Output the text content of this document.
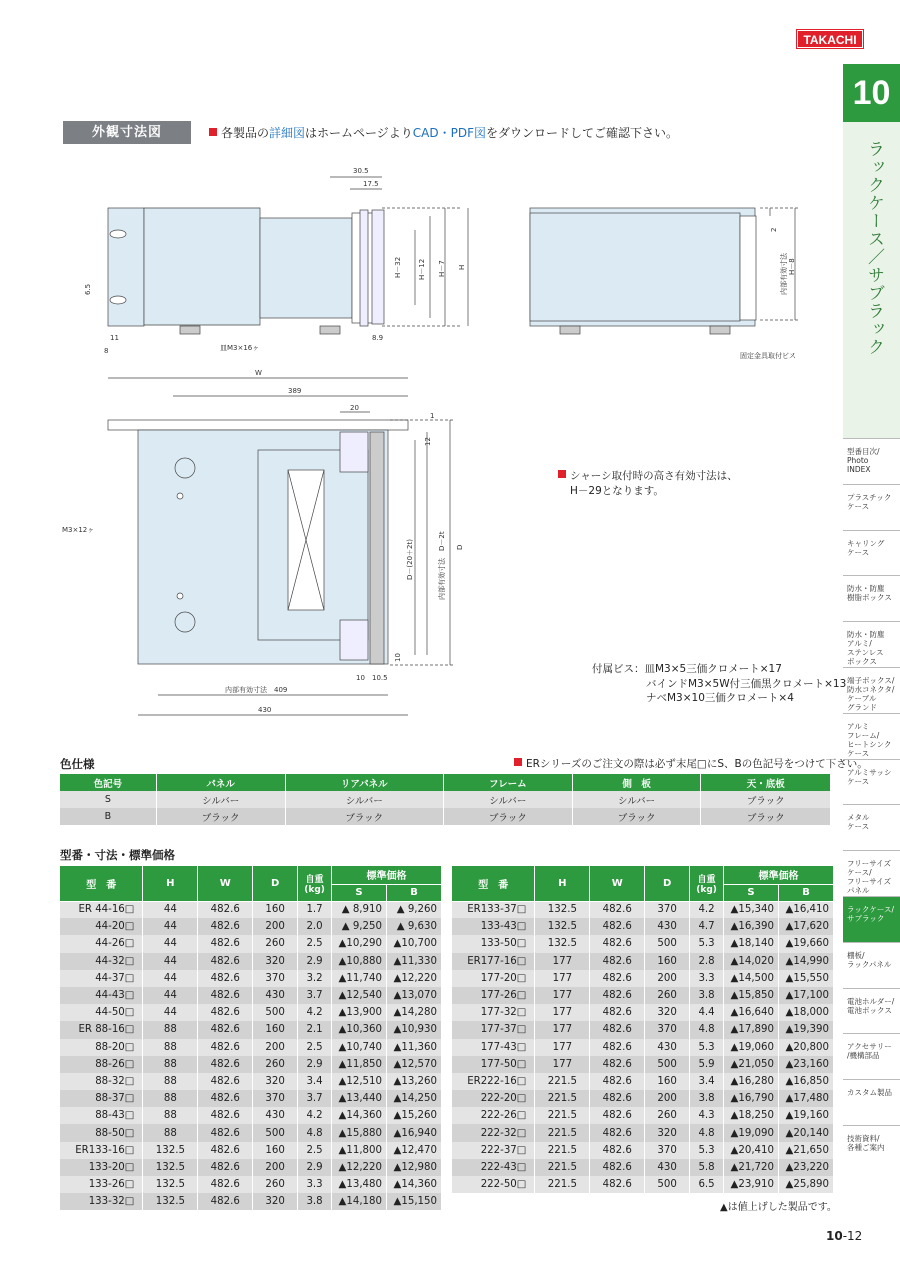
TAKACHI
10
ラックケース／サブラック
型番目次/
Photo
INDEX
プラスチック
ケース
キャリング
ケース
防水・防塵
樹脂ボックス
防水・防塵
アルミ/
ステンレス
ボックス
端子ボックス/
防水コネクタ/
ケーブル
グランド
アルミ
フレーム/
ヒートシンク
ケース
アルミサッシ
ケース
メタル
ケース
フリーサイズ
ケース/
フリーサイズ
パネル
ラックケース/
サブラック
棚板/
ラックパネル
電池ホルダー/
電池ボックス
アクセサリー
/機構部品
カスタム製品
技術資料/
各種ご案内
外観寸法図	各製品の詳細図はホームページよりCAD・PDF図をダウンロードしてご確認下さい。
30.5
17.5
6.5
11
8
8.9
H－32 H－12 H－7 H
皿M3×16ヶ
2
内部有効寸法 H－8
固定金具取付ビス
W
389
20
1
12
M3×12ヶ
D－(20＋2t)	内部有効寸法　D－2t D
10
10 10.5
内部有効寸法　409
430
シャーシ取付時の高さ有効寸法は、
H－29となります。
付属ビス：皿M3×5三価クロメート×17
バインドM3×5W付三価黒クロメート×13
ナベM3×10三価クロメート×4
色仕様	ERシリーズのご注文の際は必ず末尾□にS、Bの色記号をつけて下さい。
色記号	パネル	リアパネル	フレーム	側　板	天・底板
S	シルバー	シルバー	シルバー	シルバー	ブラック
B	ブラック	ブラック	ブラック	ブラック	ブラック
型番・寸法・標準価格
型　番	H	W	D	自重
(kg)	標準価格	
					S	B
ER 44-16□	44	482.6	160	1.7	▲ 8,910	▲ 9,260
44-20□	44	482.6	200	2.0	▲ 9,250	▲ 9,630
44-26□	44	482.6	260	2.5	▲10,290	▲10,700
44-32□	44	482.6	320	2.9	▲10,880	▲11,330
44-37□	44	482.6	370	3.2	▲11,740	▲12,220
44-43□	44	482.6	430	3.7	▲12,540	▲13,070
44-50□	44	482.6	500	4.2	▲13,900	▲14,280
ER 88-16□	88	482.6	160	2.1	▲10,360	▲10,930
88-20□	88	482.6	200	2.5	▲10,740	▲11,360
88-26□	88	482.6	260	2.9	▲11,850	▲12,570
88-32□	88	482.6	320	3.4	▲12,510	▲13,260
88-37□	88	482.6	370	3.7	▲13,440	▲14,250
88-43□	88	482.6	430	4.2	▲14,360	▲15,260
88-50□	88	482.6	500	4.8	▲15,880	▲16,940
ER133-16□	132.5	482.6	160	2.5	▲11,800	▲12,470
133-20□	132.5	482.6	200	2.9	▲12,220	▲12,980
133-26□	132.5	482.6	260	3.3	▲13,480	▲14,360
133-32□	132.5	482.6	320	3.8	▲14,180	▲15,150
型　番	H	W	D	自重
(kg)	標準価格	
					S	B
ER133-37□	132.5	482.6	370	4.2	▲15,340	▲16,410
133-43□	132.5	482.6	430	4.7	▲16,390	▲17,620
133-50□	132.5	482.6	500	5.3	▲18,140	▲19,660
ER177-16□	177	482.6	160	2.8	▲14,020	▲14,990
177-20□	177	482.6	200	3.3	▲14,500	▲15,550
177-26□	177	482.6	260	3.8	▲15,850	▲17,100
177-32□	177	482.6	320	4.4	▲16,640	▲18,000
177-37□	177	482.6	370	4.8	▲17,890	▲19,390
177-43□	177	482.6	430	5.3	▲19,060	▲20,800
177-50□	177	482.6	500	5.9	▲21,050	▲23,160
ER222-16□	221.5	482.6	160	3.4	▲16,280	▲16,850
222-20□	221.5	482.6	200	3.8	▲16,790	▲17,480
222-26□	221.5	482.6	260	4.3	▲18,250	▲19,160
222-32□	221.5	482.6	320	4.8	▲19,090	▲20,140
222-37□	221.5	482.6	370	5.3	▲20,410	▲21,650
222-43□	221.5	482.6	430	5.8	▲21,720	▲23,220
222-50□	221.5	482.6	500	6.5	▲23,910	▲25,890
▲は値上げした製品です。
10-12
